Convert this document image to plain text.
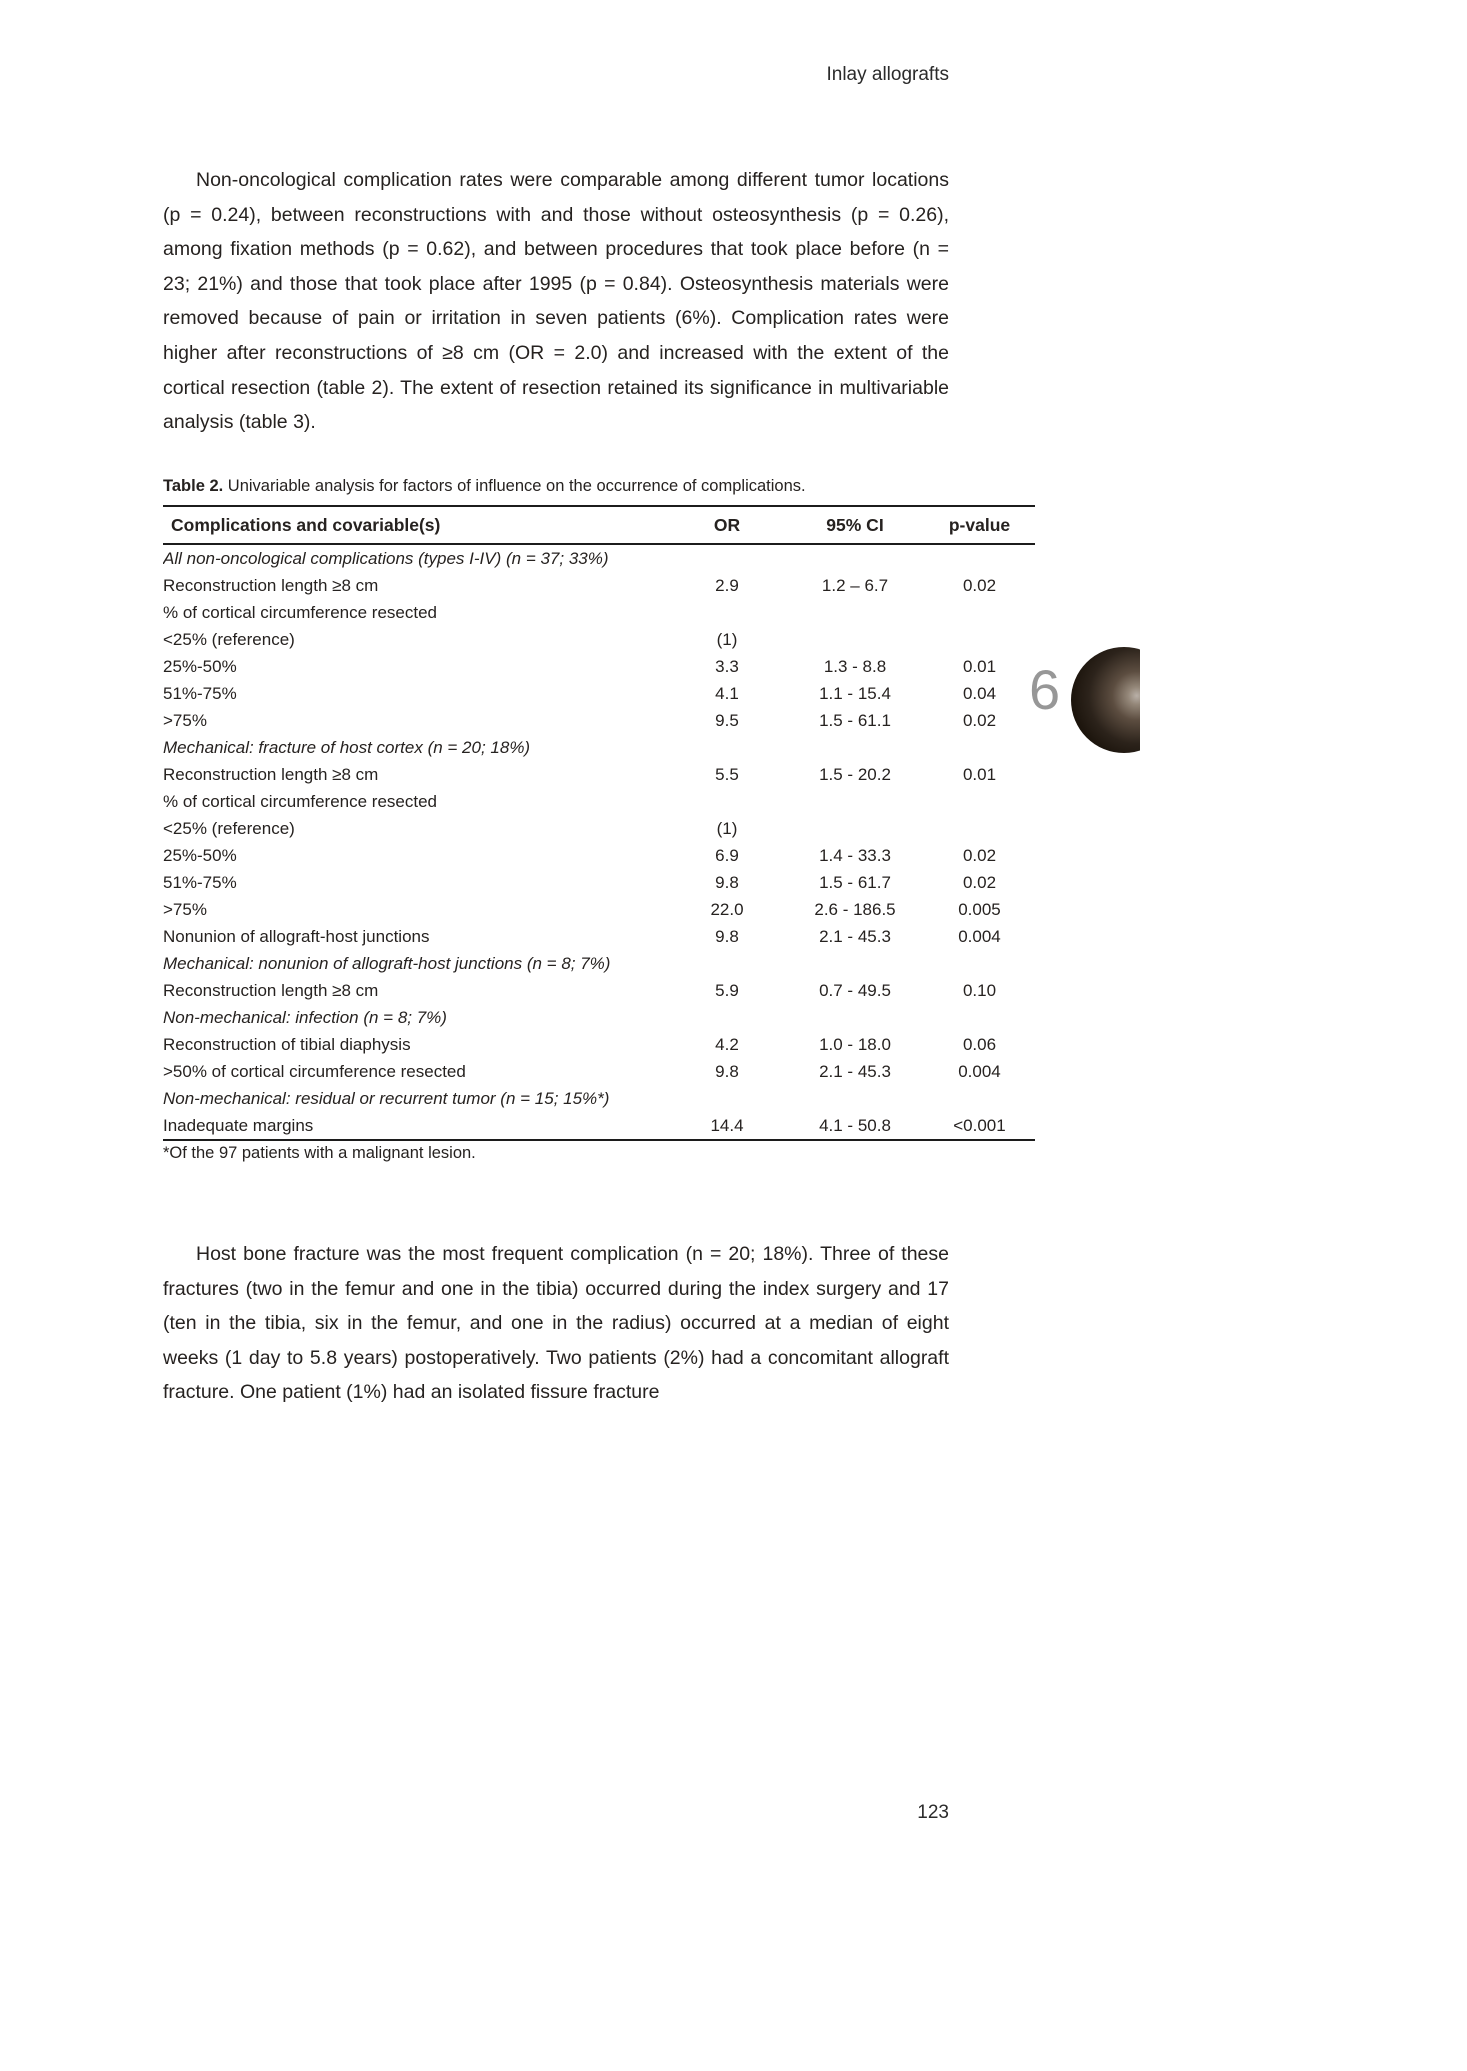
Inlay allografts

Non-oncological complication rates were comparable among different tumor locations (p = 0.24), between reconstructions with and those without osteosynthesis (p = 0.26), among fixation methods (p = 0.62), and between procedures that took place before (n = 23; 21%) and those that took place after 1995 (p = 0.84). Osteosynthesis materials were removed because of pain or irritation in seven patients (6%). Complication rates were higher after reconstructions of ≥8 cm (OR = 2.0) and increased with the extent of the cortical resection (table 2). The extent of resection retained its significance in multivariable analysis (table 3).

Table 2. Univariable analysis for factors of influence on the occurrence of complications.
Complications and covariable(s)	OR	95% CI	p-value
All non-oncological complications (types I-IV) (n = 37; 33%)			
Reconstruction length ≥8 cm	2.9	1.2 – 6.7	0.02
% of cortical circumference resected			
<25% (reference)	(1)		
25%-50%	3.3	1.3 - 8.8	0.01
51%-75%	4.1	1.1 - 15.4	0.04
>75%	9.5	1.5 - 61.1	0.02
Mechanical: fracture of host cortex (n = 20; 18%)			
Reconstruction length ≥8 cm	5.5	1.5 - 20.2	0.01
% of cortical circumference resected			
<25% (reference)	(1)		
25%-50%	6.9	1.4 - 33.3	0.02
51%-75%	9.8	1.5 - 61.7	0.02
>75%	22.0	2.6 - 186.5	0.005
Nonunion of allograft-host junctions	9.8	2.1 - 45.3	0.004
Mechanical: nonunion of allograft-host junctions (n = 8; 7%)			
Reconstruction length ≥8 cm	5.9	0.7 - 49.5	0.10
Non-mechanical: infection (n = 8; 7%)			
Reconstruction of tibial diaphysis	4.2	1.0 - 18.0	0.06
>50% of cortical circumference resected	9.8	2.1 - 45.3	0.004
Non-mechanical: residual or recurrent tumor (n = 15; 15%*)			
Inadequate margins	14.4	4.1 - 50.8	<0.001
*Of the 97 patients with a malignant lesion.

Host bone fracture was the most frequent complication (n = 20; 18%). Three of these fractures (two in the femur and one in the tibia) occurred during the index surgery and 17 (ten in the tibia, six in the femur, and one in the radius) occurred at a median of eight weeks (1 day to 5.8 years) postoperatively. Two patients (2%) had a concomitant allograft fracture. One patient (1%) had an isolated fissure fracture

6
123
